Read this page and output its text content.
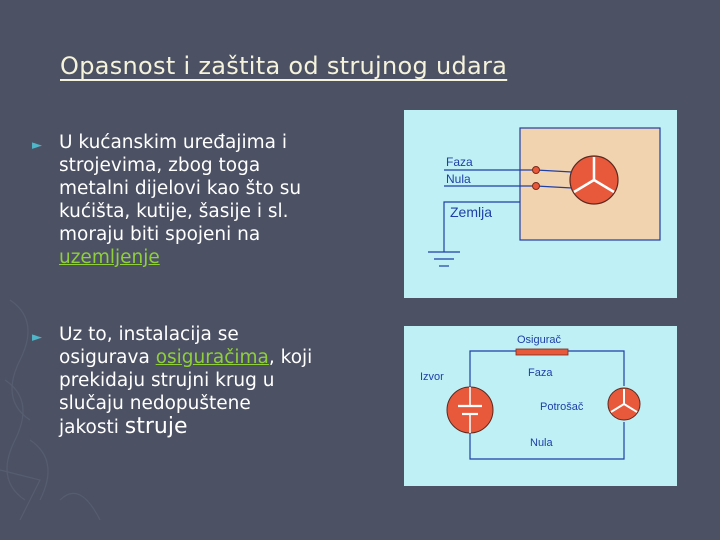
Opasnost i zaštita od strujnog udara
► U kućanskim uređajima i
strojevima, zbog toga
metalni dijelovi kao što su
kućišta, kutije, šasije i sl.
moraju biti spojeni na
uzemljenje
► Uz to, instalacija se
osigurava osiguračima, koji
prekidaju strujni krug u
slučaju nedopuštene
jakosti struje
Faza
Nula
Zemlja
Osigurač
Izvor	Faza
Potrošač
Nula
